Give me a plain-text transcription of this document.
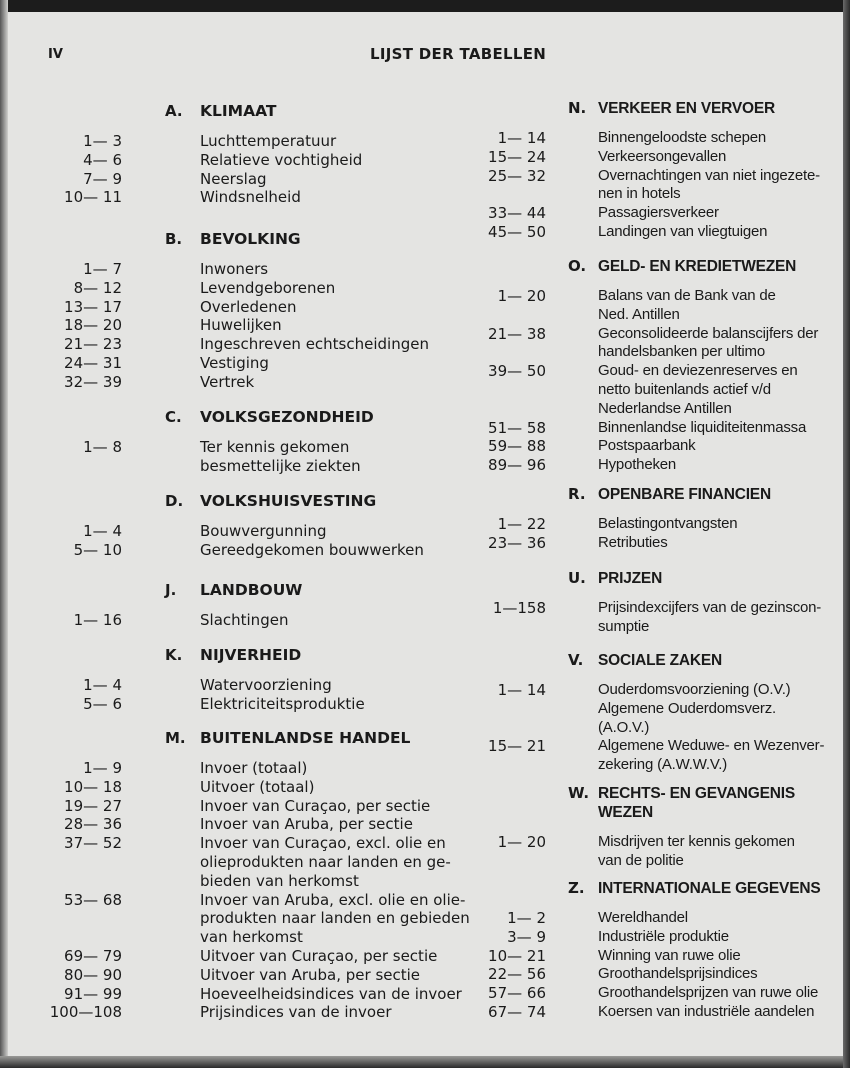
IV	LIJST DER TABELLEN
A. KLIMAAT
1— 3	Luchttemperatuur
4— 6	Relatieve vochtigheid
7— 9	Neerslag
10— 11	Windsnelheid
B. BEVOLKING
1— 7	Inwoners
8— 12	Levendgeborenen
13— 17	Overledenen
18— 20	Huwelijken
21— 23	Ingeschreven echtscheidingen
24— 31	Vestiging
32— 39	Vertrek
C. VOLKSGEZONDHEID
1— 8	Ter kennis gekomen
besmettelijke ziekten
D. VOLKSHUISVESTING
1— 4	Bouwvergunning
5— 10	Gereedgekomen bouwwerken
J. LANDBOUW
1— 16	Slachtingen
K. NIJVERHEID
1— 4	Watervoorziening
5— 6	Elektriciteitsproduktie
M. BUITENLANDSE HANDEL
1— 9	Invoer (totaal)
10— 18	Uitvoer (totaal)
19— 27	Invoer van Curaçao, per sectie
28— 36	Invoer van Aruba, per sectie
37— 52	Invoer van Curaçao, excl. olie en
olieprodukten naar landen en ge-
bieden van herkomst
53— 68	Invoer van Aruba, excl. olie en olie-
produkten naar landen en gebieden
van herkomst
69— 79	Uitvoer van Curaçao, per sectie
80— 90	Uitvoer van Aruba, per sectie
91— 99	Hoeveelheidsindices van de invoer
100—108	Prijsindices van de invoer
N. VERKEER EN VERVOER
1— 14	Binnengeloodste schepen
15— 24	Verkeersongevallen
25— 32	Overnachtingen van niet ingezete-
nen in hotels
33— 44	Passagiersverkeer
45— 50	Landingen van vliegtuigen
O. GELD- EN KREDIETWEZEN
1— 20	Balans van de Bank van de
Ned. Antillen
21— 38	Geconsolideerde balanscijfers der
handelsbanken per ultimo
39— 50	Goud- en deviezenreserves en
netto buitenlands actief v/d
Nederlandse Antillen
51— 58	Binnenlandse liquiditeitenmassa
59— 88	Postspaarbank
89— 96	Hypotheken
R. OPENBARE FINANCIEN
1— 22	Belastingontvangsten
23— 36	Retributies
U. PRIJZEN
1—158	Prijsindexcijfers van de gezinscon-
sumptie
V. SOCIALE ZAKEN
1— 14	Ouderdomsvoorziening (O.V.)
Algemene Ouderdomsverz.
(A.O.V.)
15— 21	Algemene Weduwe- en Wezenver-
zekering (A.W.W.V.)
W. RECHTS- EN GEVANGENIS
WEZEN
1— 20	Misdrijven ter kennis gekomen
van de politie
Z. INTERNATIONALE GEGEVENS
1— 2	Wereldhandel
3— 9	Industriële produktie
10— 21	Winning van ruwe olie
22— 56	Groothandelsprijsindices
57— 66	Groothandelsprijzen van ruwe olie
67— 74	Koersen van industriële aandelen
